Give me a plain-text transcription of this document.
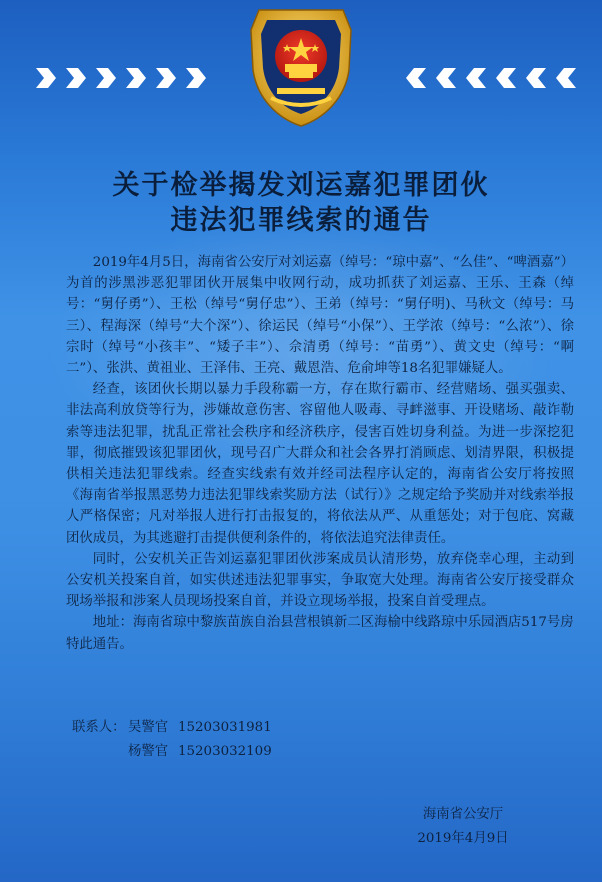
关于检举揭发刘运嘉犯罪团伙
违法犯罪线索的通告

2019年4月5日，海南省公安厅对刘运嘉（绰号：“琼中嘉”、“么佳”、“啤酒嘉”）为首的涉黑涉恶犯罪团伙开展集中收网行动，成功抓获了刘运嘉、王乐、王森（绰号：“舅仔勇”）、王松（绰号“舅仔忠”）、王弟（绰号：“舅仔明)、马秋文（绰号：马三）、程海深（绰号“大个深”）、徐运民（绰号“小保”）、王学浓（绰号：“么浓”）、徐宗时（绰号“小孩丰”、“矮子丰”）、佘清勇（绰号：“苗勇”）、黄文史（绰号：“啊二”）、张洪、黄祖业、王泽伟、王亮、戴恩浩、危俞坤等18名犯罪嫌疑人。

经查，该团伙长期以暴力手段称霸一方，存在欺行霸市、经营赌场、强买强卖、非法高利放贷等行为，涉嫌故意伤害、容留他人吸毒、寻衅滋事、开设赌场、敲诈勒索等违法犯罪，扰乱正常社会秩序和经济秩序，侵害百姓切身利益。为进一步深挖犯罪，彻底摧毁该犯罪团伙，现号召广大群众和社会各界打消顾虑、划清界限，积极提供相关违法犯罪线索。经查实线索有效并经司法程序认定的，海南省公安厅将按照《海南省举报黑恶势力违法犯罪线索奖励方法（试行）》之规定给予奖励并对线索举报人严格保密；凡对举报人进行打击报复的，将依法从严、从重惩处；对于包庇、窝藏团伙成员，为其逃避打击提供便利条件的，将依法追究法律责任。

同时，公安机关正告刘运嘉犯罪团伙涉案成员认清形势，放弃侥幸心理，主动到公安机关投案自首，如实供述违法犯罪事实，争取宽大处理。海南省公安厅接受群众现场举报和涉案人员现场投案自首，并设立现场举报，投案自首受理点。

地址：海南省琼中黎族苗族自治县营根镇新二区海榆中线路琼中乐园酒店517号房

特此通告。

联系人： 吴警官 15203031981
杨警官 15203032109
海南省公安厅
2019年4月9日
